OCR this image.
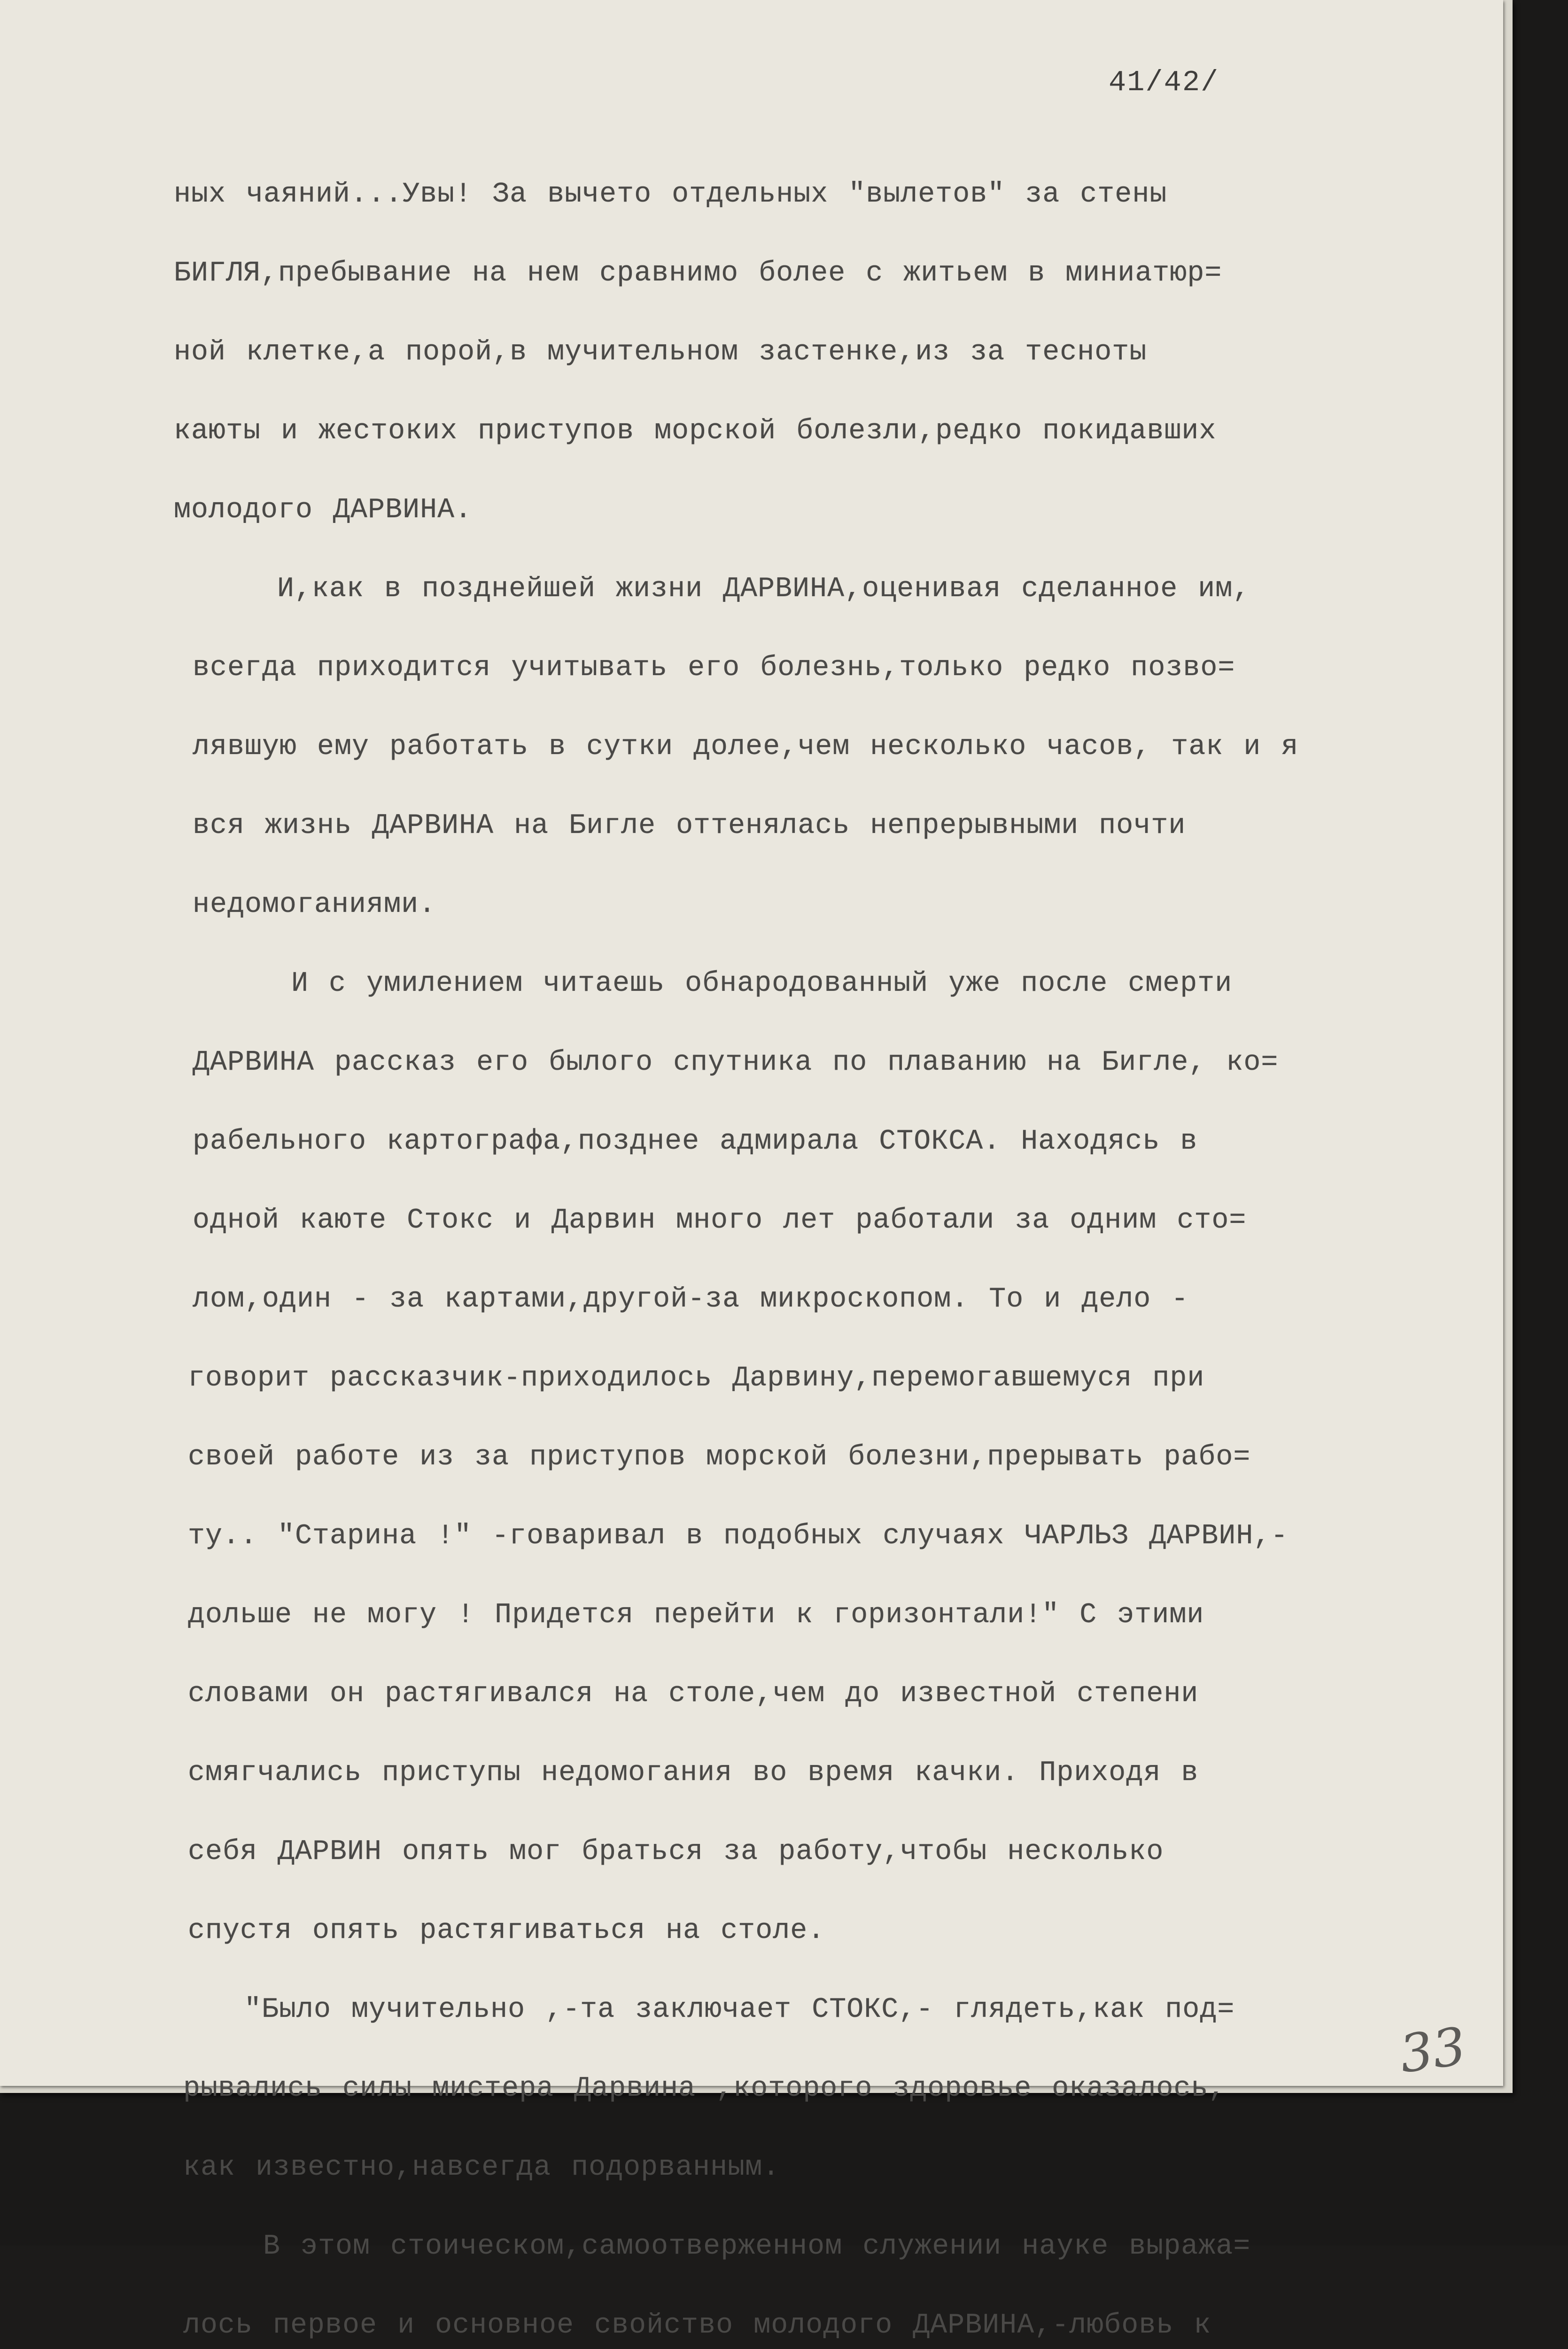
41/42/
ных чаяний...Увы! За вычето отдельных "вылетов" за стены
БИГЛЯ,пребывание на нем сравнимо более с житьем в миниатюр=
ной клетке,а порой,в мучительном застенке,из за тесноты
каюты и жестоких приступов морской болезли,редко покидавших
молодого ДАРВИНА.
И,как в позднейшей жизни ДАРВИНА,оценивая сделанное им,
всегда приходится учитывать его болезнь,только редко позво=
лявшую ему работать в сутки долее,чем несколько часов, так и я
вся жизнь ДАРВИНА на Бигле оттенялась непрерывными почти
недомоганиями.
И с умилением читаешь обнародованный уже после смерти
ДАРВИНА рассказ его былого спутника по плаванию на Бигле, ко=
рабельного картографа,позднее адмирала СТОКСА. Находясь в
одной каюте Стокс и Дарвин много лет работали за одним сто=
лом,один - за картами,другой-за микроскопом. То и дело -
говорит рассказчик-приходилось Дарвину,перемогавшемуся при
своей работе из за приступов морской болезни,прерывать рабо=
ту.. "Старина !" -говаривал в подобных случаях ЧАРЛЬЗ ДАРВИН,-
дольше не могу ! Придется перейти к горизонтали!" С этими
словами он растягивался на столе,чем до известной степени
смягчались приступы недомогания во время качки. Приходя в
себя ДАРВИН опять мог браться за работу,чтобы несколько
спустя опять растягиваться на столе.
"Было мучительно ,-та заключает СТОКС,- глядеть,как под=
рывались силы мистера Дарвина ,которого здоровье оказалось,
как известно,навсегда подорванным.
В этом стоическом,самоотверженном служении науке выража=
лось первое и основное свойство молодого ДАРВИНА,-любовь к
33
